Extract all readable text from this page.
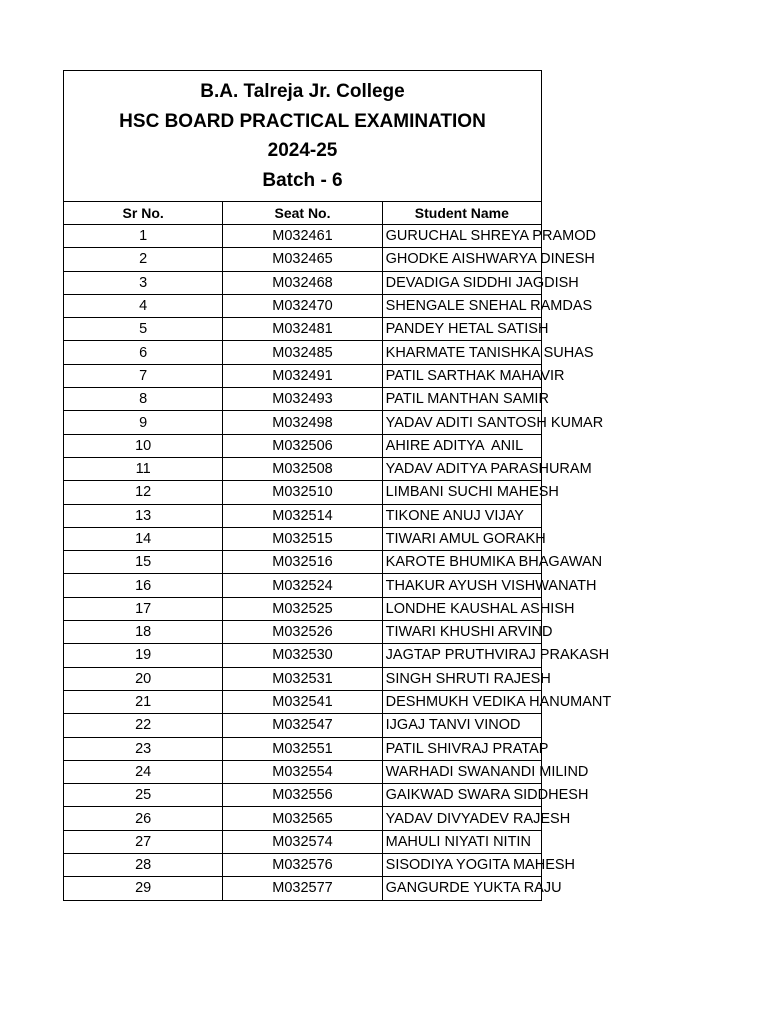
B.A. Talreja Jr. College

HSC BOARD PRACTICAL EXAMINATION

2024-25

Batch - 6		

Sr No.	Seat No.	Student Name
1	M032461	GURUCHAL SHREYA PRAMOD
2	M032465	GHODKE AISHWARYA DINESH
3	M032468	DEVADIGA SIDDHI JAGDISH
4	M032470	SHENGALE SNEHAL RAMDAS
5	M032481	PANDEY HETAL SATISH
6	M032485	KHARMATE TANISHKA SUHAS
7	M032491	PATIL SARTHAK MAHAVIR
8	M032493	PATIL MANTHAN SAMIR
9	M032498	YADAV ADITI SANTOSH KUMAR
10	M032506	AHIRE ADITYA  ANIL
11	M032508	YADAV ADITYA PARASHURAM
12	M032510	LIMBANI SUCHI MAHESH
13	M032514	TIKONE ANUJ VIJAY
14	M032515	TIWARI AMUL GORAKH
15	M032516	KAROTE BHUMIKA BHAGAWAN
16	M032524	THAKUR AYUSH VISHWANATH
17	M032525	LONDHE KAUSHAL ASHISH
18	M032526	TIWARI KHUSHI ARVIND
19	M032530	JAGTAP PRUTHVIRAJ PRAKASH
20	M032531	SINGH SHRUTI RAJESH
21	M032541	DESHMUKH VEDIKA HANUMANT
22	M032547	IJGAJ TANVI VINOD
23	M032551	PATIL SHIVRAJ PRATAP
24	M032554	WARHADI SWANANDI MILIND
25	M032556	GAIKWAD SWARA SIDDHESH
26	M032565	YADAV DIVYADEV RAJESH
27	M032574	MAHULI NIYATI NITIN
28	M032576	SISODIYA YOGITA MAHESH
29	M032577	GANGURDE YUKTA RAJU
